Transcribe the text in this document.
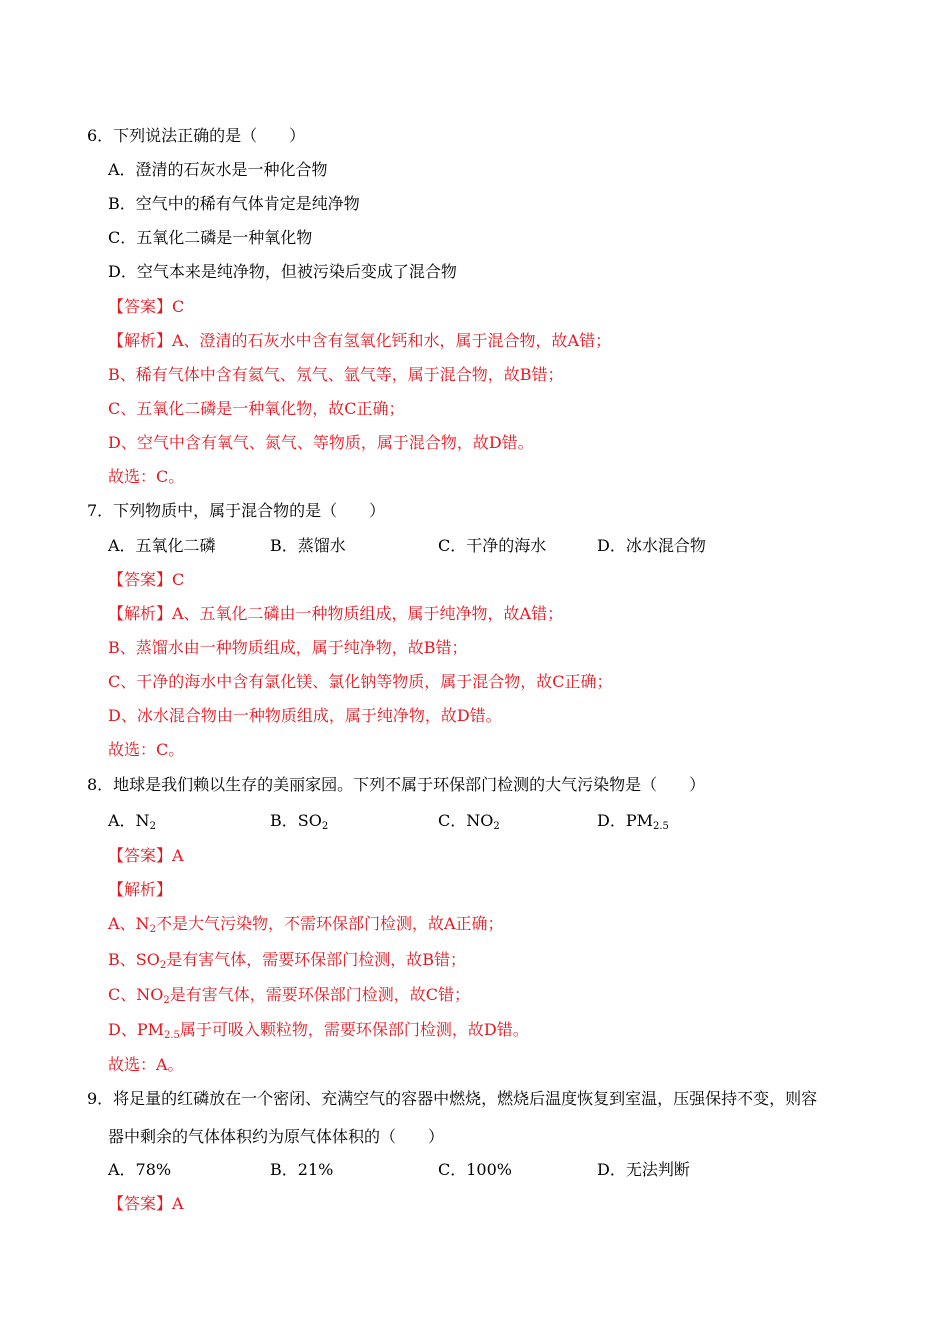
6．下列说法正确的是（　　）
A．澄清的石灰水是一种化合物
B．空气中的稀有气体肯定是纯净物
C．五氧化二磷是一种氧化物
D．空气本来是纯净物，但被污染后变成了混合物
【答案】C
【解析】A、澄清的石灰水中含有氢氧化钙和水，属于混合物，故A错；
B、稀有气体中含有氦气、氖气、氩气等，属于混合物，故B错；
C、五氧化二磷是一种氧化物，故C正确；
D、空气中含有氧气、氮气、等物质，属于混合物，故D错。
故选：C。
7．下列物质中，属于混合物的是（　　）
A．五氧化二磷	B．蒸馏水	C．干净的海水	D．冰水混合物
【答案】C
【解析】A、五氧化二磷由一种物质组成，属于纯净物，故A错；
B、蒸馏水由一种物质组成，属于纯净物，故B错；
C、干净的海水中含有氯化镁、氯化钠等物质，属于混合物，故C正确；
D、冰水混合物由一种物质组成，属于纯净物，故D错。
故选：C。
8．地球是我们赖以生存的美丽家园。下列不属于环保部门检测的大气污染物是（　　）
A．$N_2$	B．$SO_2$	C．$NO_2$	D．$PM_{2.5}$
【答案】A
【解析】
A、$N_2$不是大气污染物，不需环保部门检测，故A正确；
B、$SO_2$是有害气体，需要环保部门检测，故B错；
C、$NO_2$是有害气体，需要环保部门检测，故C错；
D、$PM_{2.5}$属于可吸入颗粒物，需要环保部门检测，故D错。
故选：A。
9．将足量的红磷放在一个密闭、充满空气的容器中燃烧，燃烧后温度恢复到室温，压强保持不变，则容
器中剩余的气体体积约为原气体体积的（　　）
A．78%	B．21%	C．100%	D．无法判断
【答案】A
